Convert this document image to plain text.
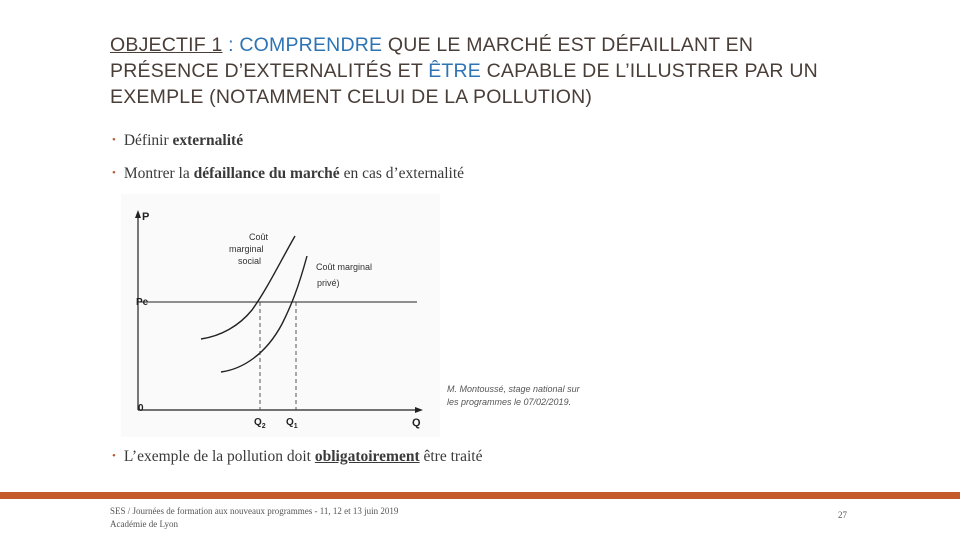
OBJECTIF 1 : COMPRENDRE QUE LE MARCHÉ EST DÉFAILLANT EN PRÉSENCE D’EXTERNALITÉS ET ÊTRE CAPABLE DE L’ILLUSTRER PAR UN EXEMPLE (NOTAMMENT CELUI DE LA POLLUTION)
• Définir externalité
• Montrer la défaillance du marché en cas d’externalité
P
Q
0
Pe
Coût marginal social
Coût marginal privé)
$Q_2$ $Q_1$
M. Montoussé, stage national sur
les programmes le 07/02/2019.
• L’exemple de la pollution doit obligatoirement être traité
SES / Journées de formation aux nouveaux programmes - 11, 12 et 13 juin 2019
Académie de Lyon
27
